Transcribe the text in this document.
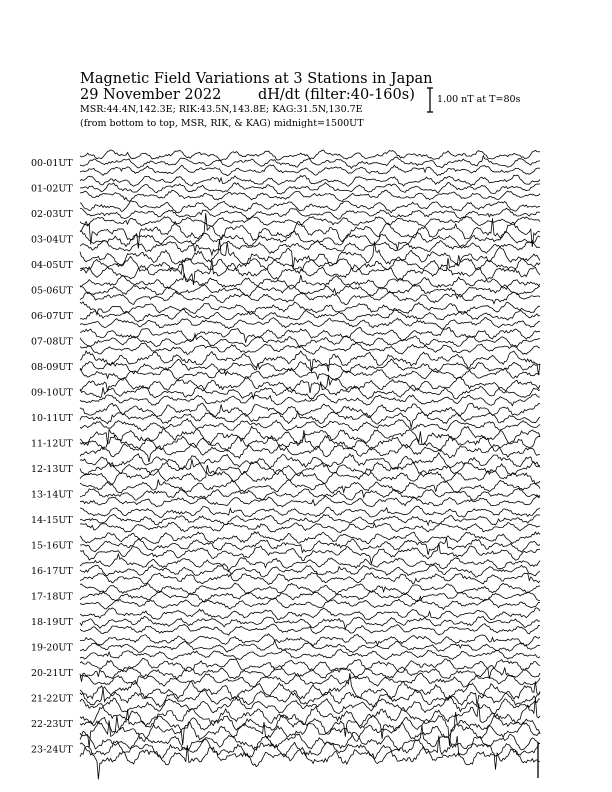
Magnetic Field Variations at 3 Stations in Japan
29 November 2022	dH/dt (filter:40-160s)
MSR:44.4N,142.3E; RIK:43.5N,143.8E; KAG:31.5N,130.7E
(from bottom to top, MSR, RIK, & KAG) midnight=1500UT
1.00 nT at T=80s
00-01UT
01-02UT
02-03UT
03-04UT
04-05UT
05-06UT
06-07UT
07-08UT
08-09UT
09-10UT
10-11UT
11-12UT
12-13UT
13-14UT
14-15UT
15-16UT
16-17UT
17-18UT
18-19UT
19-20UT
20-21UT
21-22UT
22-23UT
23-24UT
